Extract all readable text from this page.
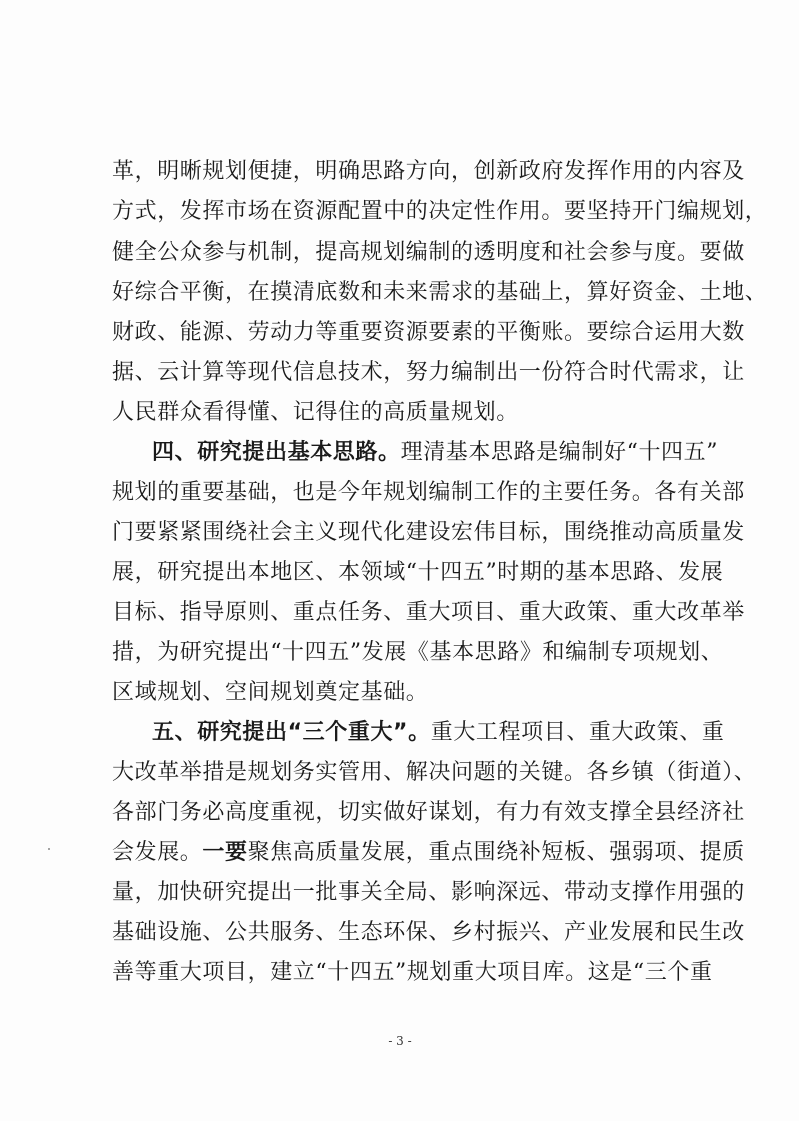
革，明晰规划便捷，明确思路方向，创新政府发挥作用的内容及
方式，发挥市场在资源配置中的决定性作用。要坚持开门编规划，
健全公众参与机制，提高规划编制的透明度和社会参与度。要做
好综合平衡，在摸清底数和未来需求的基础上，算好资金、土地、
财政、能源、劳动力等重要资源要素的平衡账。要综合运用大数
据、云计算等现代信息技术，努力编制出一份符合时代需求，让
人民群众看得懂、记得住的高质量规划。
四、研究提出基本思路。理清基本思路是编制好“十四五”
规划的重要基础，也是今年规划编制工作的主要任务。各有关部
门要紧紧围绕社会主义现代化建设宏伟目标，围绕推动高质量发
展，研究提出本地区、本领域“十四五”时期的基本思路、发展
目标、指导原则、重点任务、重大项目、重大政策、重大改革举
措，为研究提出“十四五”发展《基本思路》和编制专项规划、
区域规划、空间规划奠定基础。
五、研究提出“三个重大”。重大工程项目、重大政策、重
大改革举措是规划务实管用、解决问题的关键。各乡镇（街道）、
各部门务必高度重视，切实做好谋划，有力有效支撑全县经济社
会发展。一要聚焦高质量发展，重点围绕补短板、强弱项、提质
量，加快研究提出一批事关全局、影响深远、带动支撑作用强的
基础设施、公共服务、生态环保、乡村振兴、产业发展和民生改
善等重大项目，建立“十四五”规划重大项目库。这是“三个重
- 3 -
